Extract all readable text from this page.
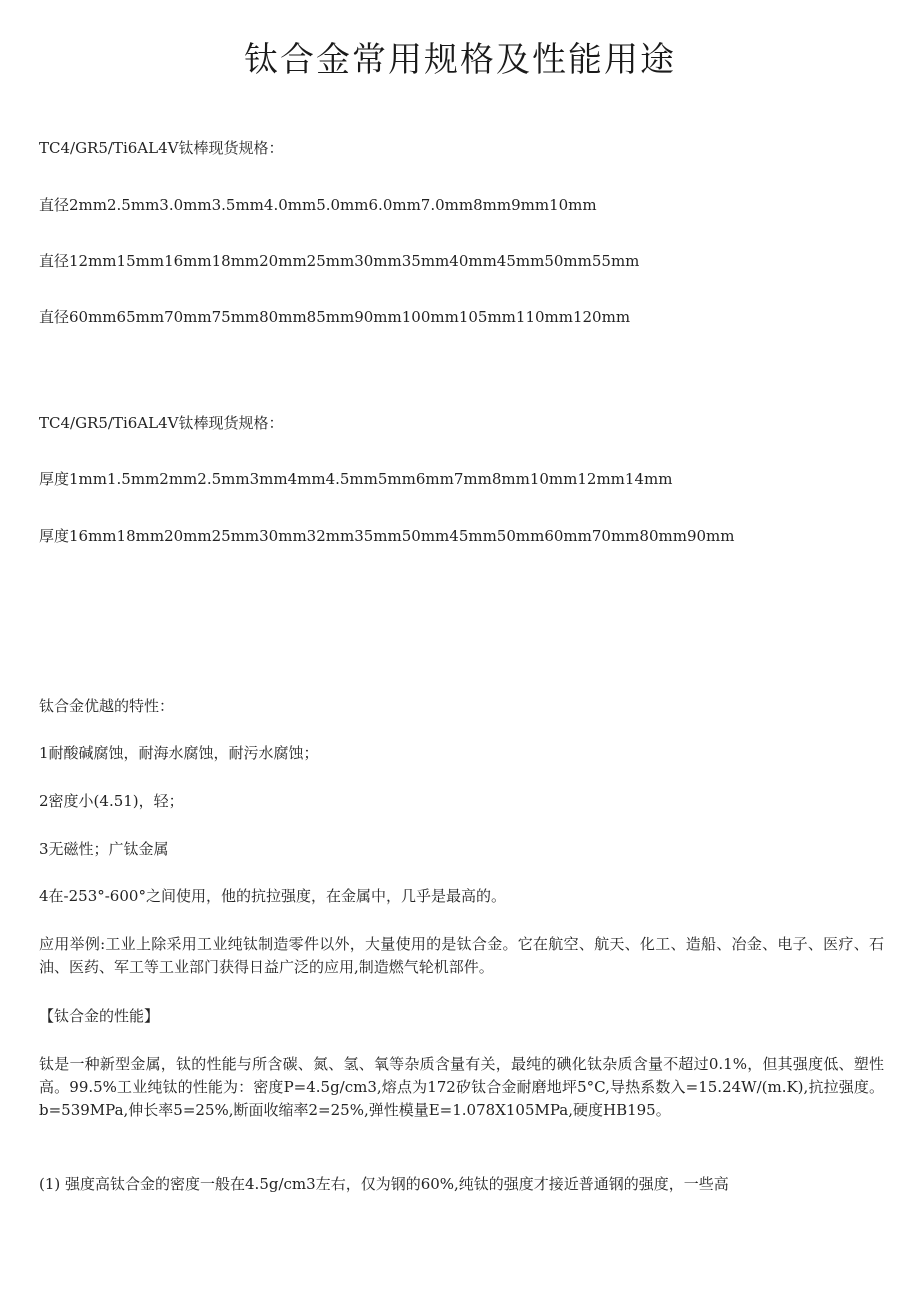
钛合金常用规格及性能用途

TC4/GR5/Ti6AL4V钛棒现货规格：

直径2mm2.5mm3.0mm3.5mm4.0mm5.0mm6.0mm7.0mm8mm9mm10mm

直径12mm15mm16mm18mm20mm25mm30mm35mm40mm45mm50mm55mm

直径60mm65mm70mm75mm80mm85mm90mm100mm105mm110mm120mm

TC4/GR5/Ti6AL4V钛棒现货规格：

厚度1mm1.5mm2mm2.5mm3mm4mm4.5mm5mm6mm7mm8mm10mm12mm14mm

厚度16mm18mm20mm25mm30mm32mm35mm50mm45mm50mm60mm70mm80mm90mm

钛合金优越的特性：

1耐酸碱腐蚀，耐海水腐蚀，耐污水腐蚀；

2密度小(4.51)，轻；

3无磁性；广钛金属

4在-253°-600°之间使用，他的抗拉强度，在金属中，几乎是最高的。

应用举例:工业上除采用工业纯钛制造零件以外，大量使用的是钛合金。它在航空、航天、化工、造船、冶金、电子、医疗、石油、医药、军工等工业部门获得日益广泛的应用,制造燃气轮机部件。

【钛合金的性能】

钛是一种新型金属，钛的性能与所含碳、氮、氢、氧等杂质含量有关，最纯的碘化钛杂质含量不超过0.1%，但其强度低、塑性高。99.5%工业纯钛的性能为：密度P=4.5g/cm3,熔点为172矽钛合金耐磨地坪5°C,导热系数入=15.24W/(m.K),抗拉强度。b=539MPa,伸长率5=25%,断面收缩率2=25%,弹性模量E=1.078X105MPa,硬度HB195。

(1) 强度高钛合金的密度一般在4.5g/cm3左右，仅为钢的60%,纯钛的强度才接近普通钢的强度，一些高
